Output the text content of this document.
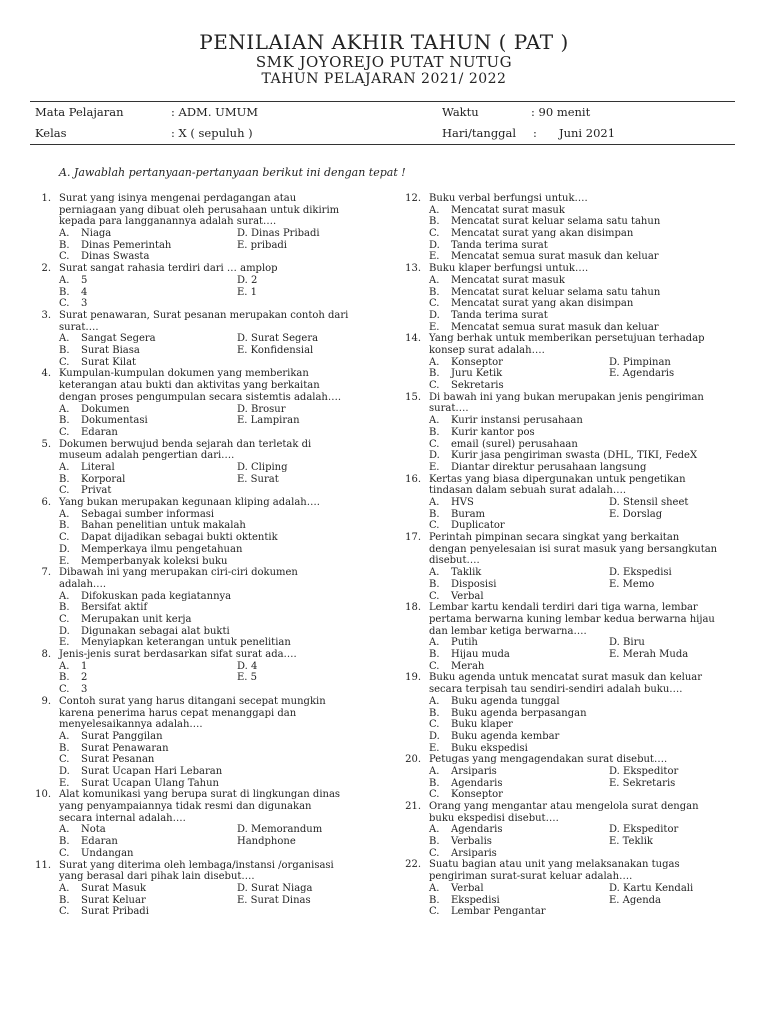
PENILAIAN AKHIR TAHUN ( PAT )
SMK JOYOREJO PUTAT NUTUG
TAHUN PELAJARAN 2021/ 2022
Mata Pelajaran	: ADM. UMUM	Waktu	: 90 menit
Kelas	: X ( sepuluh )	Hari/tanggal : Juni 2021
A. Jawablah pertanyaan-pertanyaan berikut ini dengan tepat !
1. Surat yang isinya mengenai perdagangan atau
perniagaan yang dibuat oleh perusahaan untuk dikirim
kepada para langganannya adalah surat….
A. Niaga	D. Dinas Pribadi
B. Dinas Pemerintah	E. pribadi
C. Dinas Swasta
2. Surat sangat rahasia terdiri dari … amplop
A. 5	D. 2
B. 4	E. 1
C. 3
3. Surat penawaran, Surat pesanan merupakan contoh dari
surat….
A. Sangat Segera	D. Surat Segera
B. Surat Biasa	E. Konfidensial
C. Surat Kilat
4. Kumpulan-kumpulan dokumen yang memberikan
keterangan atau bukti dan aktivitas yang berkaitan
dengan proses pengumpulan secara sistemtis adalah….
A. Dokumen	D. Brosur
B. Dokumentasi	E. Lampiran
C. Edaran
5. Dokumen berwujud benda sejarah dan terletak di
museum adalah pengertian dari….
A. Literal	D. Cliping
B. Korporal	E. Surat
C. Privat
6. Yang bukan merupakan kegunaan kliping adalah….
A. Sebagai sumber informasi
B. Bahan penelitian untuk makalah
C. Dapat dijadikan sebagai bukti oktentik
D. Memperkaya ilmu pengetahuan
E. Memperbanyak koleksi buku
7. Dibawah ini yang merupakan ciri-ciri dokumen
adalah….
A. Difokuskan pada kegiatannya
B. Bersifat aktif
C. Merupakan unit kerja
D. Digunakan sebagai alat bukti
E. Menyiapkan keterangan untuk penelitian
8. Jenis-jenis surat berdasarkan sifat surat ada….
A. 1	D. 4
B. 2	E. 5
C. 3
9. Contoh surat yang harus ditangani secepat mungkin
karena penerima harus cepat menanggapi dan
menyelesaikannya adalah….
A. Surat Panggilan
B. Surat Penawaran
C. Surat Pesanan
D. Surat Ucapan Hari Lebaran
E. Surat Ucapan Ulang Tahun
10. Alat komunikasi yang berupa surat di lingkungan dinas
yang penyampaiannya tidak resmi dan digunakan
secara internal adalah….
A. Nota	D. Memorandum
B. Edaran	Handphone
C. Undangan
11. Surat yang diterima oleh lembaga/instansi /organisasi
yang berasal dari pihak lain disebut….
A. Surat Masuk	D. Surat Niaga
B. Surat Keluar	E. Surat Dinas
C. Surat Pribadi
12. Buku verbal berfungsi untuk….
A. Mencatat surat masuk
B. Mencatat surat keluar selama satu tahun
C. Mencatat surat yang akan disimpan
D. Tanda terima surat
E. Mencatat semua surat masuk dan keluar
13. Buku klaper berfungsi untuk….
A. Mencatat surat masuk
B. Mencatat surat keluar selama satu tahun
C. Mencatat surat yang akan disimpan
D. Tanda terima surat
E. Mencatat semua surat masuk dan keluar
14. Yang berhak untuk memberikan persetujuan terhadap
konsep surat adalah….
A. Konseptor	D. Pimpinan
B. Juru Ketik	E. Agendaris
C. Sekretaris
15. Di bawah ini yang bukan merupakan jenis pengiriman
surat….
A. Kurir instansi perusahaan
B. Kurir kantor pos
C. email (surel) perusahaan
D. Kurir jasa pengiriman swasta (DHL, TIKI, FedeX
E. Diantar direktur perusahaan langsung
16. Kertas yang biasa dipergunakan untuk pengetikan
tindasan dalam sebuah surat adalah….
A. HVS	D. Stensil sheet
B. Buram	E. Dorslag
C. Duplicator
17. Perintah pimpinan secara singkat yang berkaitan
dengan penyelesaian isi surat masuk yang bersangkutan
disebut….
A. Taklik	D. Ekspedisi
B. Disposisi	E. Memo
C. Verbal
18. Lembar kartu kendali terdiri dari tiga warna, lembar
pertama berwarna kuning lembar kedua berwarna hijau
dan lembar ketiga berwarna….
A. Putih	D. Biru
B. Hijau muda	E. Merah Muda
C. Merah
19. Buku agenda untuk mencatat surat masuk dan keluar
secara terpisah tau sendiri-sendiri adalah buku….
A. Buku agenda tunggal
B. Buku agenda berpasangan
C. Buku klaper
D. Buku agenda kembar
E. Buku ekspedisi
20. Petugas yang mengagendakan surat disebut….
A. Arsiparis	D. Ekspeditor
B. Agendaris	E. Sekretaris
C. Konseptor
21. Orang yang mengantar atau mengelola surat dengan
buku ekspedisi disebut….
A. Agendaris	D. Ekspeditor
B. Verbalis	E. Teklik
C. Arsiparis
22. Suatu bagian atau unit yang melaksanakan tugas
pengiriman surat-surat keluar adalah….
A. Verbal	D. Kartu Kendali
B. Ekspedisi	E. Agenda
C. Lembar Pengantar
